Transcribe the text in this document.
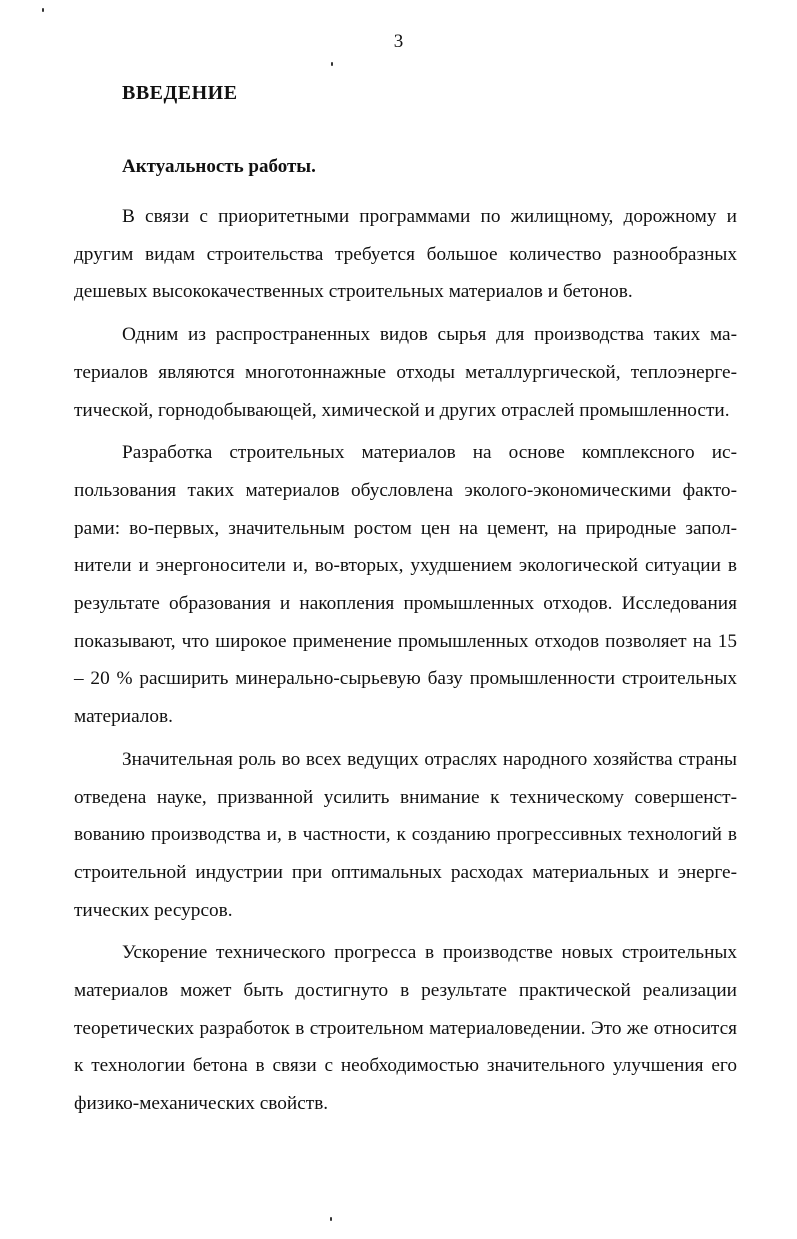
3
ВВЕДЕНИЕ
Актуальность работы.

В связи с приоритетными программами по жилищному, дорожному и другим видам строительства требуется большое количество разнообразных дешевых высококачественных строительных материалов и бетонов.

Одним из распространенных видов сырья для производства таких материалов являются многотоннажные отходы металлургической, теплоэнергетической, горнодобывающей, химической и других отраслей промышленности.

Разработка строительных материалов на основе комплексного использования таких материалов обусловлена эколого-экономическими факторами: во-первых, значительным ростом цен на цемент, на природные заполнители и энергоносители и, во-вторых, ухудшением экологической ситуации в результате образования и накопления промышленных отходов. Исследования показывают, что широкое применение промышленных отходов позволяет на 15 – 20 % расширить минерально-сырьевую базу промышленности строительных материалов.

Значительная роль во всех ведущих отраслях народного хозяйства страны отведена науке, призванной усилить внимание к техническому совершенствованию производства и, в частности, к созданию прогрессивных технологий в строительной индустрии при оптимальных расходах материальных и энергетических ресурсов.

Ускорение технического прогресса в производстве новых строительных материалов может быть достигнуто в результате практической реализации теоретических разработок в строительном материаловедении. Это же относится к технологии бетона в связи с необходимостью значительного улучшения его физико-механических свойств.
